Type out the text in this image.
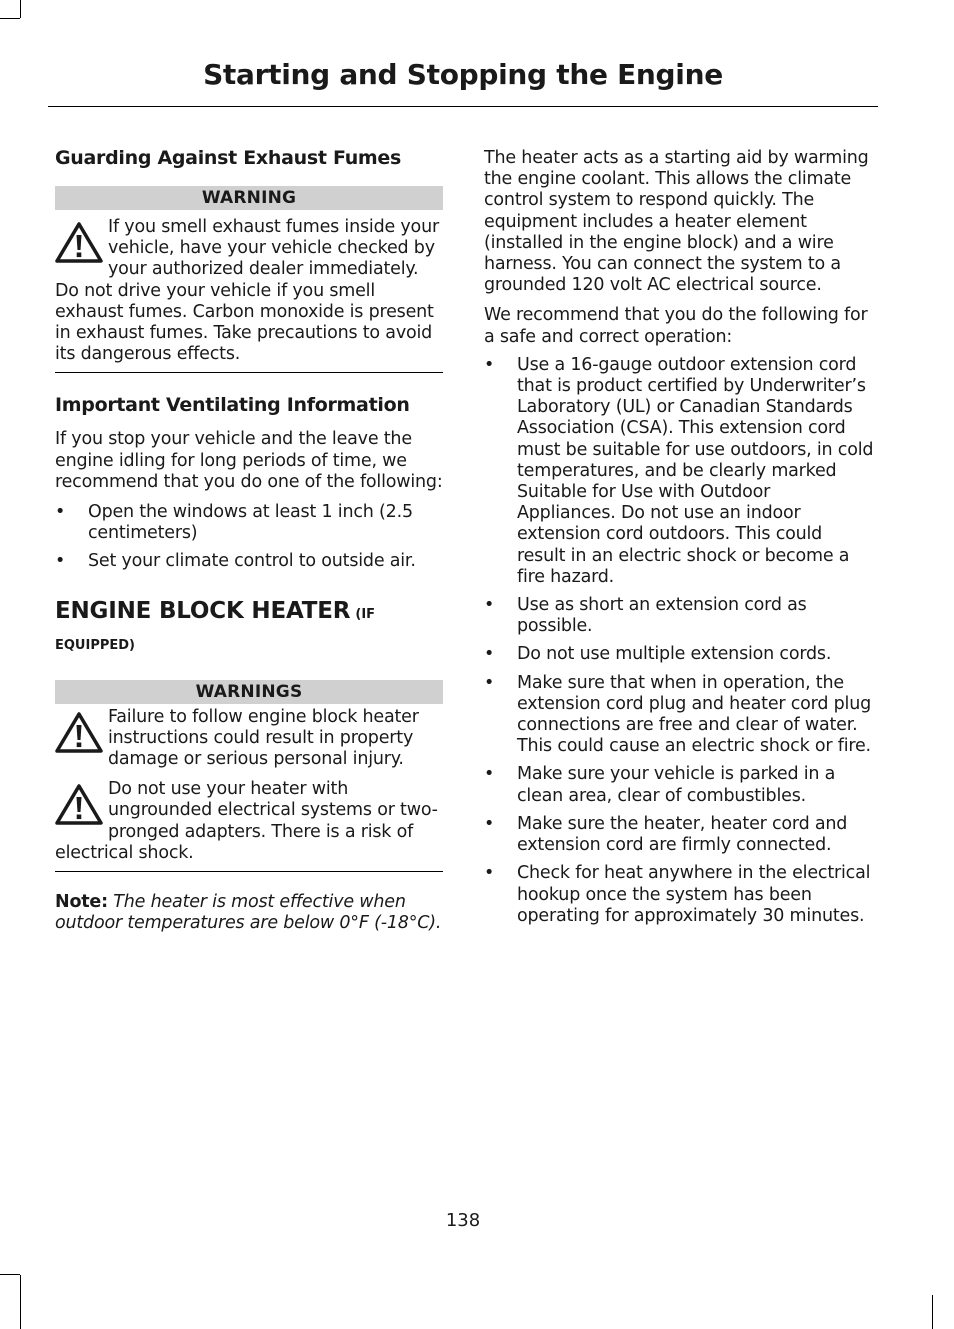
Starting and Stopping the Engine
Guarding Against Exhaust Fumes
WARNING
If you smell exhaust fumes inside your vehicle, have your vehicle checked by your authorized dealer immediately. Do not drive your vehicle if you smell exhaust fumes. Carbon monoxide is present in exhaust fumes. Take precautions to avoid its dangerous effects.
Important Ventilating Information

If you stop your vehicle and the leave the engine idling for long periods of time, we recommend that you do one of the following:

• Open the windows at least 1 inch (2.5 centimeters)
• Set your climate control to outside air.
ENGINE BLOCK HEATER (IF
EQUIPPED)
WARNINGS
Failure to follow engine block heater instructions could result in property damage or serious personal injury.
Do not use your heater with ungrounded electrical systems or two-pronged adapters. There is a risk of electrical shock.

Note: The heater is most effective when outdoor temperatures are below 0°F (-18°C).

The heater acts as a starting aid by warming the engine coolant. This allows the climate control system to respond quickly. The equipment includes a heater element (installed in the engine block) and a wire harness. You can connect the system to a grounded 120 volt AC electrical source.

We recommend that you do the following for a safe and correct operation:

• Use a 16-gauge outdoor extension cord that is product certified by Underwriter’s Laboratory (UL) or Canadian Standards Association (CSA). This extension cord must be suitable for use outdoors, in cold temperatures, and be clearly marked Suitable for Use with Outdoor Appliances. Do not use an indoor extension cord outdoors. This could result in an electric shock or become a fire hazard.
• Use as short an extension cord as possible.
• Do not use multiple extension cords.
• Make sure that when in operation, the extension cord plug and heater cord plug connections are free and clear of water. This could cause an electric shock or fire.
• Make sure your vehicle is parked in a clean area, clear of combustibles.
• Make sure the heater, heater cord and extension cord are firmly connected.
• Check for heat anywhere in the electrical hookup once the system has been operating for approximately 30 minutes.
138
